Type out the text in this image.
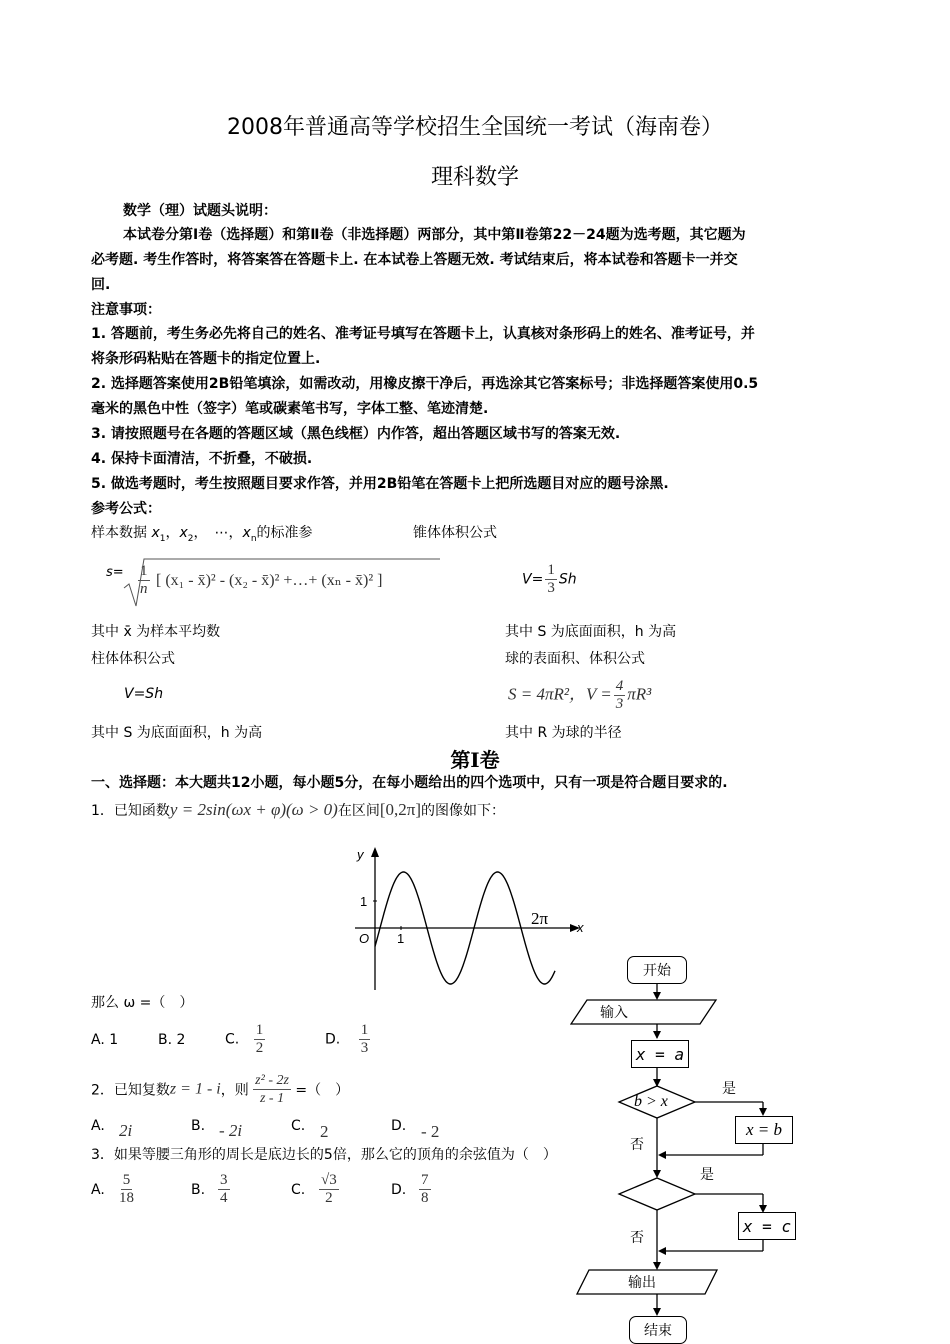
2008年普通高等学校招生全国统一考试（海南卷）
理科数学
数学（理）试题头说明：
本试卷分第Ⅰ卷（选择题）和第Ⅱ卷（非选择题）两部分，其中第Ⅱ卷第22－24题为选考题，其它题为
必考题. 考生作答时，将答案答在答题卡上. 在本试卷上答题无效. 考试结束后，将本试卷和答题卡一并交
回.
注意事项：
1. 答题前，考生务必先将自己的姓名、准考证号填写在答题卡上，认真核对条形码上的姓名、准考证号，并
将条形码粘贴在答题卡的指定位置上.
2. 选择题答案使用2B铅笔填涂，如需改动，用橡皮擦干净后，再选涂其它答案标号；非选择题答案使用0.5
毫米的黑色中性（签字）笔或碳素笔书写，字体工整、笔迹清楚.
3. 请按照题号在各题的答题区域（黑色线框）内作答，超出答题区域书写的答案无效.
4. 保持卡面清洁，不折叠，不破损.
5. 做选考题时，考生按照题目要求作答，并用2B铅笔在答题卡上把所选题目对应的题号涂黑.
参考公式：
样本数据 $x_1$，$x_2$，　⋯，$x_n$的标准参	锥体体积公式
$s= \frac{1}{n}$ [ (x₁ - x̄)² - (x₂ - x̄)² +…+ (xₙ - x̄)² ]	$V= \frac{1}{3}$ Sh
其中 x̄ 为样本平均数	其中 S 为底面面积，h 为高
柱体体积公式	球的表面积、体积公式
V=Sh	S = 4πR²，$V = \frac{4}{3} \pi R^3$
其中 S 为底面面积，h 为高	其中 R 为球的半径
第Ⅰ卷
一、选择题：本大题共12小题，每小题5分，在每小题给出的四个选项中，只有一项是符合题目要求的.
1．已知函数y = 2sin(ωx + φ)(ω > 0)在区间[0,2π]的图像如下：
y
x
1
1
O
2π
那么 ω =（　）
A. 1	B. 2	C. $\frac{1}{2}$	D. $\frac{1}{3}$
2．已知复数z = 1 - i，则 $\frac{\text{z² - 2z}}{z - 1}$ =（　）
A. 2i	B. - 2i	C. 2	D. - 2
3．如果等腰三角形的周长是底边长的5倍，那么它的顶角的余弦值为（　）
A. $\frac{5}{18}$	B. $\frac{3}{4}$	C. $\frac{√3}{2}$	D. $\frac{7}{8}$
开始
输入
x = a
b > x
是
x = b
否
是
x = c
否
输出
结束
